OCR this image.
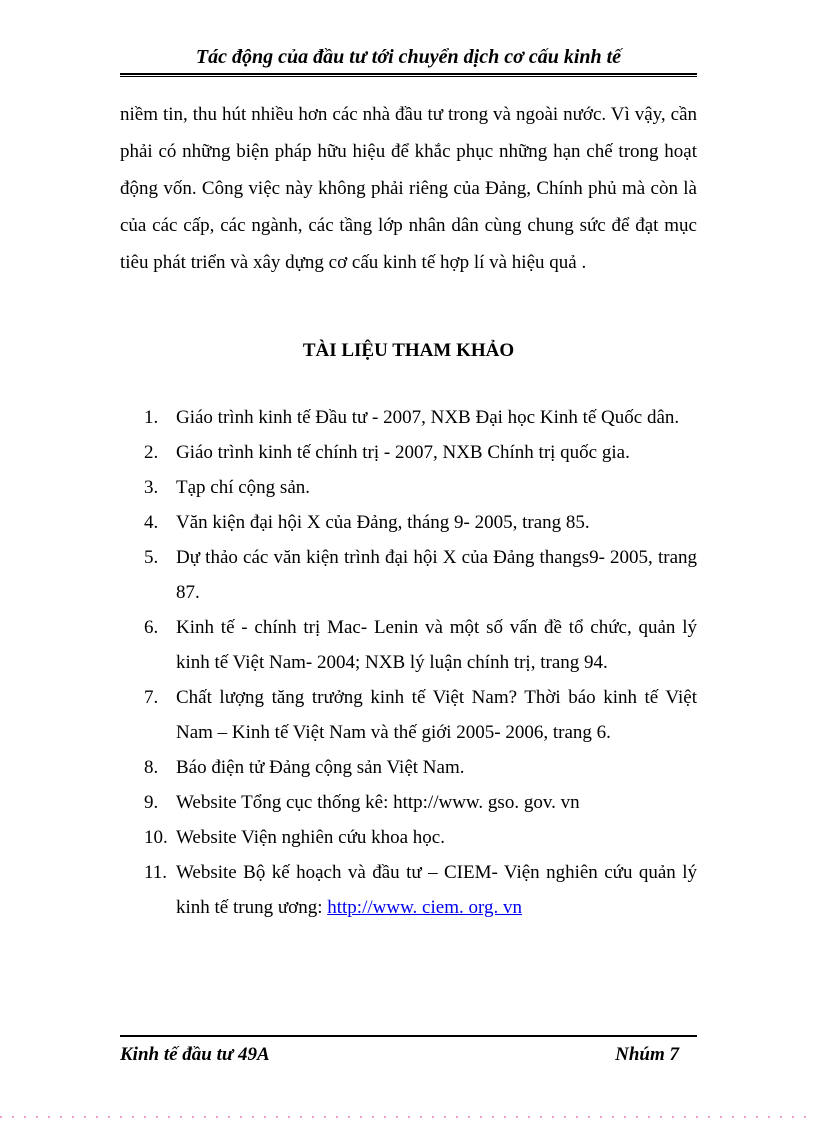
Tác động của đầu tư tới chuyển dịch cơ cấu kinh tế
niềm tin, thu hút nhiều hơn các nhà đầu tư trong và ngoài nước. Vì vậy, cần phải có những biện pháp hữu hiệu để khắc phục những hạn chế trong hoạt động vốn. Công việc này không phải riêng của Đảng, Chính phủ mà còn là của các cấp, các ngành, các tầng lớp nhân dân cùng chung sức để đạt mục tiêu phát triển và xây dựng cơ cấu kinh tế hợp lí và hiệu quả .
TÀI LIỆU THAM KHẢO
1. Giáo trình kinh tế Đầu tư - 2007, NXB Đại học Kinh tế Quốc dân.
2. Giáo trình kinh tế chính trị - 2007, NXB Chính trị quốc gia.
3. Tạp chí cộng sản.
4. Văn kiện đại hội X của Đảng, tháng 9- 2005, trang 85.
5. Dự thảo các văn kiện trình đại hội X của Đảng thangs9- 2005, trang 87.
6. Kinh tế - chính trị Mac- Lenin và một số vấn đề tổ chức, quản lý kinh tế Việt Nam- 2004; NXB lý luận chính trị, trang 94.
7. Chất lượng tăng trưởng kinh tế Việt Nam? Thời báo kinh tế Việt Nam – Kinh tế Việt Nam và thế giới 2005- 2006, trang 6.
8. Báo điện tử Đảng cộng sản Việt Nam.
9. Website Tổng cục thống kê: http://www. gso. gov. vn
10. Website Viện nghiên cứu khoa học.
11. Website Bộ kế hoạch và đầu tư – CIEM- Viện nghiên cứu quản lý kinh tế trung ương: http://www. ciem. org. vn
Kinh tế đầu tư 49A	Nhúm 7
